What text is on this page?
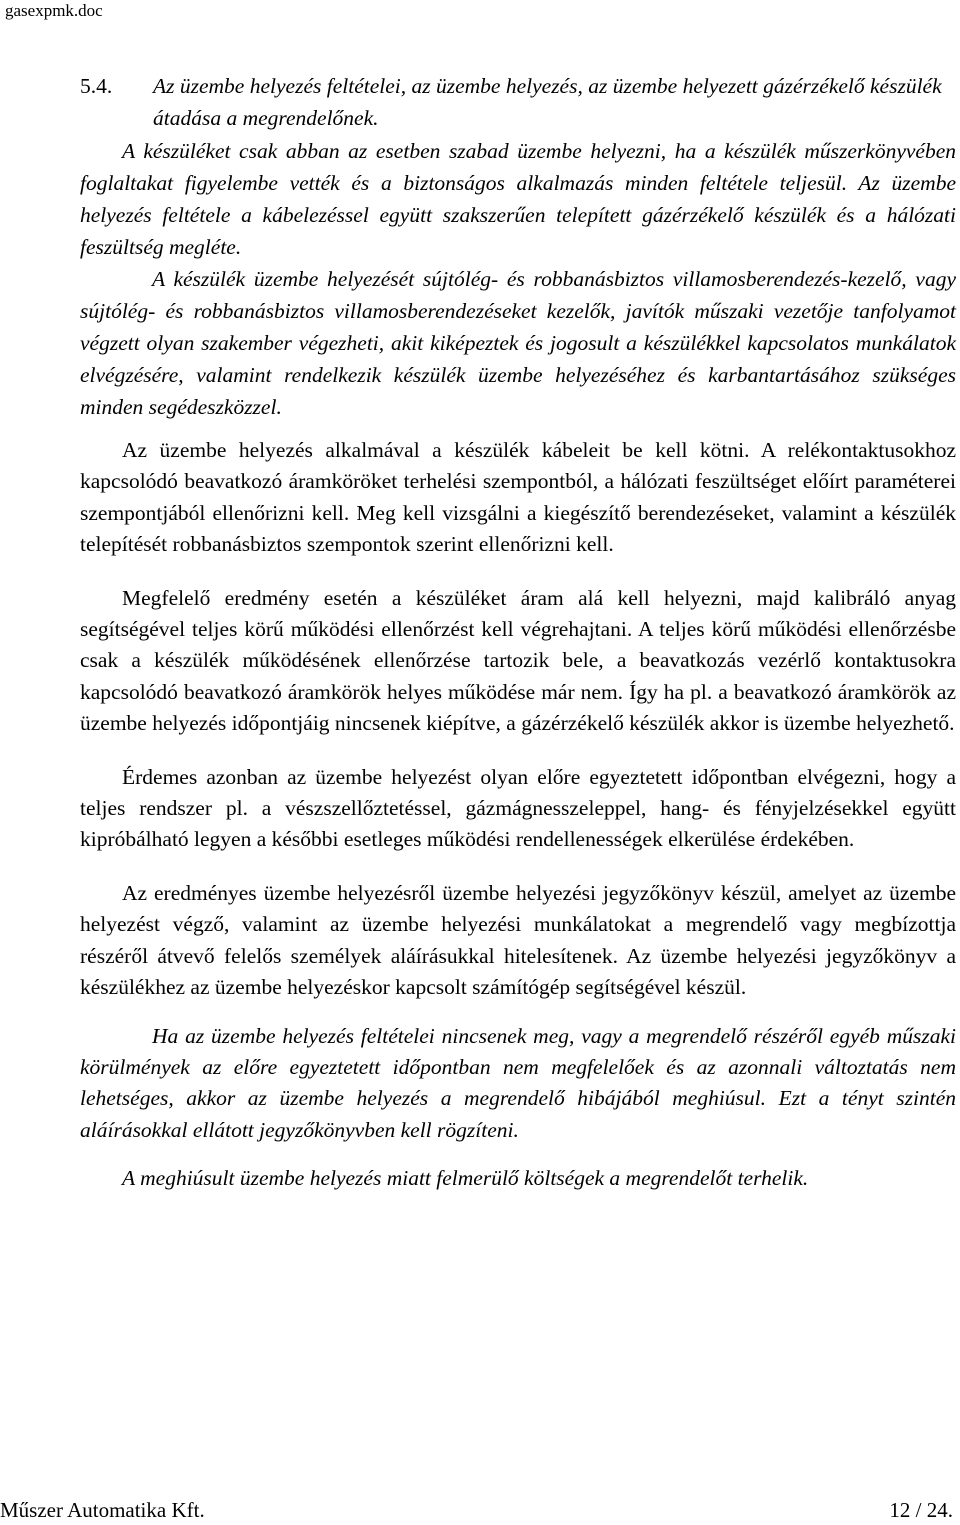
gasexpmk.doc
5.4. Az üzembe helyezés feltételei, az üzembe helyezés, az üzembe helyezett gázérzékelő készülék átadása a megrendelőnek.

A készüléket csak abban az esetben szabad üzembe helyezni, ha a készülék műszerkönyvében foglaltakat figyelembe vették és a biztonságos alkalmazás minden feltétele teljesül. Az üzembe helyezés feltétele a kábelezéssel együtt szakszerűen telepített gázérzékelő készülék és a hálózati feszültség megléte.

A készülék üzembe helyezését sújtólég- és robbanásbiztos villamosberendezés-kezelő, vagy sújtólég- és robbanásbiztos villamosberendezéseket kezelők, javítók műszaki vezetője tanfolyamot végzett olyan szakember végezheti, akit kiképeztek és jogosult a készülékkel kapcsolatos munkálatok elvégzésére, valamint rendelkezik készülék üzembe helyezéséhez és karbantartásához szükséges minden segédeszközzel.

Az üzembe helyezés alkalmával a készülék kábeleit be kell kötni. A relékontaktusokhoz kapcsolódó beavatkozó áramköröket terhelési szempontból, a hálózati feszültséget előírt paraméterei szempontjából ellenőrizni kell. Meg kell vizsgálni a kiegészítő berendezéseket, valamint a készülék telepítését robbanásbiztos szempontok szerint ellenőrizni kell.

Megfelelő eredmény esetén a készüléket áram alá kell helyezni, majd kalibráló anyag segítségével teljes körű működési ellenőrzést kell végrehajtani. A teljes körű működési ellenőrzésbe csak a készülék működésének ellenőrzése tartozik bele, a beavatkozás vezérlő kontaktusokra kapcsolódó beavatkozó áramkörök helyes működése már nem. Így ha pl. a beavatkozó áramkörök az üzembe helyezés időpontjáig nincsenek kiépítve, a gázérzékelő készülék akkor is üzembe helyezhető.

Érdemes azonban az üzembe helyezést olyan előre egyeztetett időpontban elvégezni, hogy a teljes rendszer pl. a vészszellőztetéssel, gázmágnesszeleppel, hang- és fényjelzésekkel együtt kipróbálható legyen a későbbi esetleges működési rendellenességek elkerülése érdekében.

Az eredményes üzembe helyezésről üzembe helyezési jegyzőkönyv készül, amelyet az üzembe helyezést végző, valamint az üzembe helyezési munkálatokat a megrendelő vagy megbízottja részéről átvevő felelős személyek aláírásukkal hitelesítenek. Az üzembe helyezési jegyzőkönyv a készülékhez az üzembe helyezéskor kapcsolt számítógép segítségével készül.

Ha az üzembe helyezés feltételei nincsenek meg, vagy a megrendelő részéről egyéb műszaki körülmények az előre egyeztetett időpontban nem megfelelőek és az azonnali változtatás nem lehetséges, akkor az üzembe helyezés a megrendelő hibájából meghiúsul. Ezt a tényt szintén aláírásokkal ellátott jegyzőkönyvben kell rögzíteni.

A meghiúsult üzembe helyezés miatt felmerülő költségek a megrendelőt terhelik.

Műszer Automatika Kft.	12 / 24.
